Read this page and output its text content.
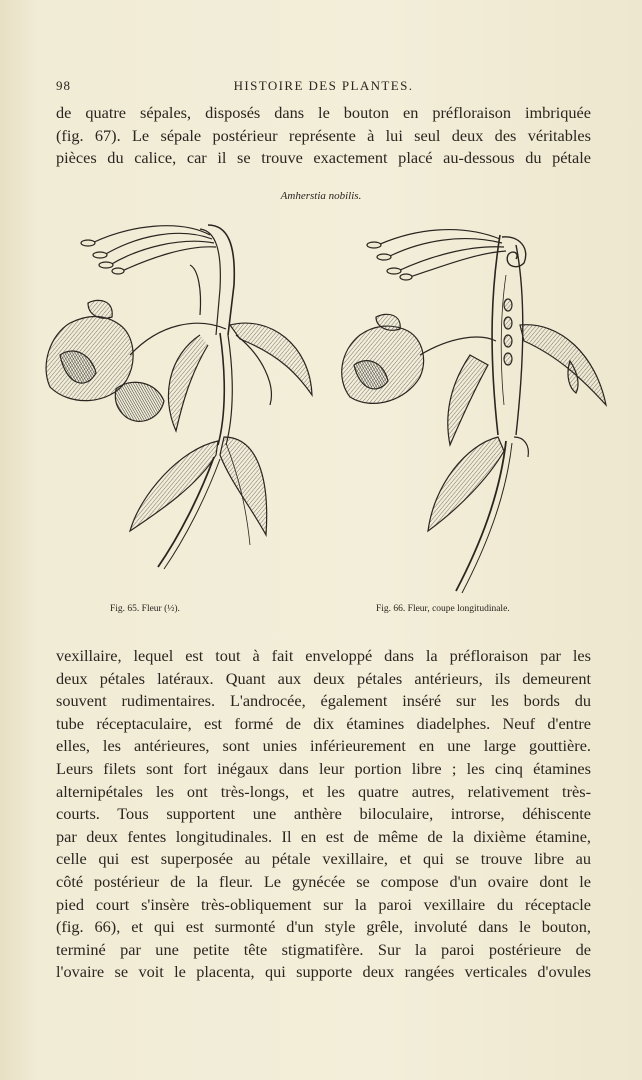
98	HISTOIRE DES PLANTES.

de quatre sépales, disposés dans le bouton en préfloraison imbriquée
(fig. 67). Le sépale postérieur représente à lui seul deux des véritables
pièces du calice, car il se trouve exactement placé au-dessous du pétale

Amherstia nobilis.
Fig. 65. Fleur (½).	Fig. 66. Fleur, coupe longitudinale.

vexillaire, lequel est tout à fait enveloppé dans la préfloraison par les
deux pétales latéraux. Quant aux deux pétales antérieurs, ils demeurent
souvent rudimentaires. L'androcée, également inséré sur les bords du
tube réceptaculaire, est formé de dix étamines diadelphes. Neuf d'entre
elles, les antérieures, sont unies inférieurement en une large gouttière.
Leurs filets sont fort inégaux dans leur portion libre ; les cinq étamines
alternipétales les ont très-longs, et les quatre autres, relativement très-
courts. Tous supportent une anthère biloculaire, introrse, déhiscente
par deux fentes longitudinales. Il en est de même de la dixième étamine,
celle qui est superposée au pétale vexillaire, et qui se trouve libre au
côté postérieur de la fleur. Le gynécée se compose d'un ovaire dont le
pied court s'insère très-obliquement sur la paroi vexillaire du réceptacle
(fig. 66), et qui est surmonté d'un style grêle, involuté dans le bouton,
terminé par une petite tête stigmatifère. Sur la paroi postérieure de
l'ovaire se voit le placenta, qui supporte deux rangées verticales d'ovules
